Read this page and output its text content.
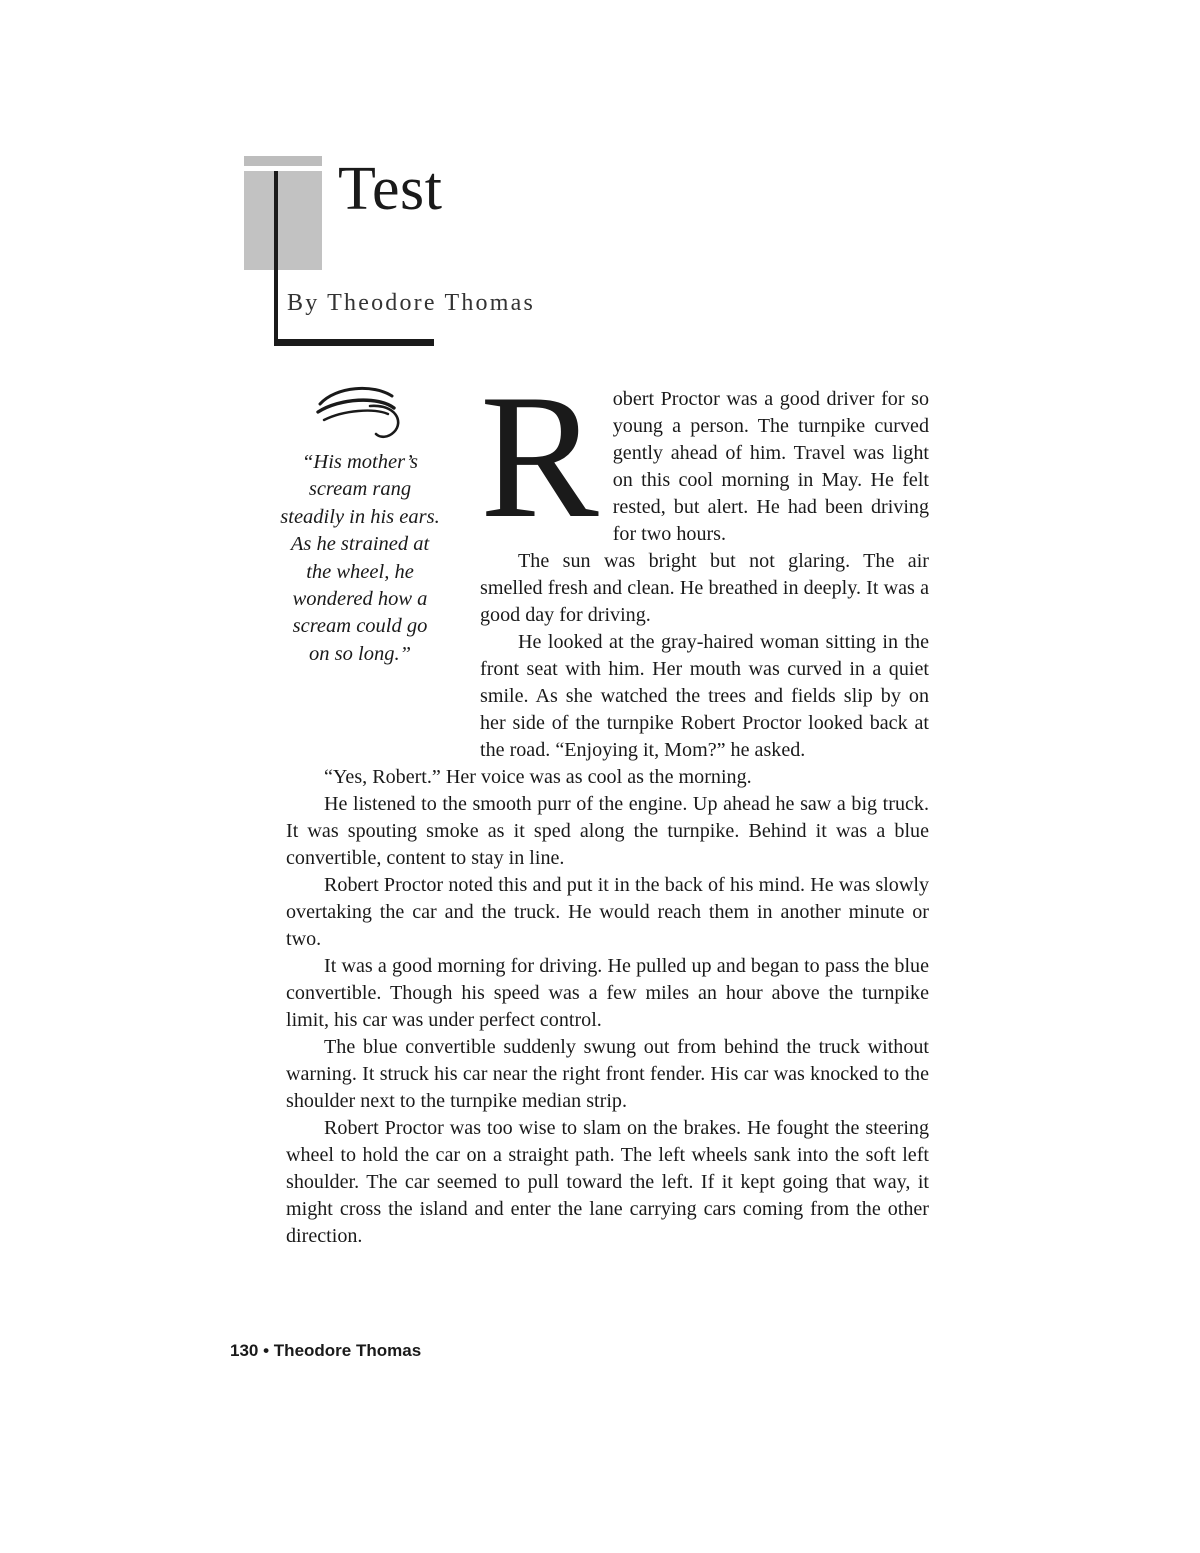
Test

By Theodore Thomas

“His mother’s scream rang steadily in his ears. As he strained at the wheel, he wondered how a scream could go on so long.”

R obert Proctor was a good driver for so young a person. The turnpike curved gently ahead of him. Travel was light on this cool morning in May. He felt rested, but alert. He had been driving for two hours.

The sun was bright but not glaring. The air smelled fresh and clean. He breathed in deeply. It was a good day for driving.

He looked at the gray-haired woman sitting in the front seat with him. Her mouth was curved in a quiet smile. As she watched the trees and fields slip by on her side of the turnpike Robert Proctor looked back at the road. “Enjoying it, Mom?” he asked.

“Yes, Robert.” Her voice was as cool as the morning.

He listened to the smooth purr of the engine. Up ahead he saw a big truck. It was spouting smoke as it sped along the turnpike. Behind it was a blue convertible, content to stay in line.

Robert Proctor noted this and put it in the back of his mind. He was slowly overtaking the car and the truck. He would reach them in another minute or two.

It was a good morning for driving. He pulled up and began to pass the blue convertible. Though his speed was a few miles an hour above the turnpike limit, his car was under perfect control.

The blue convertible suddenly swung out from behind the truck without warning. It struck his car near the right front fender. His car was knocked to the shoulder next to the turnpike median strip.

Robert Proctor was too wise to slam on the brakes. He fought the steering wheel to hold the car on a straight path. The left wheels sank into the soft left shoulder. The car seemed to pull toward the left. If it kept going that way, it might cross the island and enter the lane carrying cars coming from the other direction.

130 • Theodore Thomas
